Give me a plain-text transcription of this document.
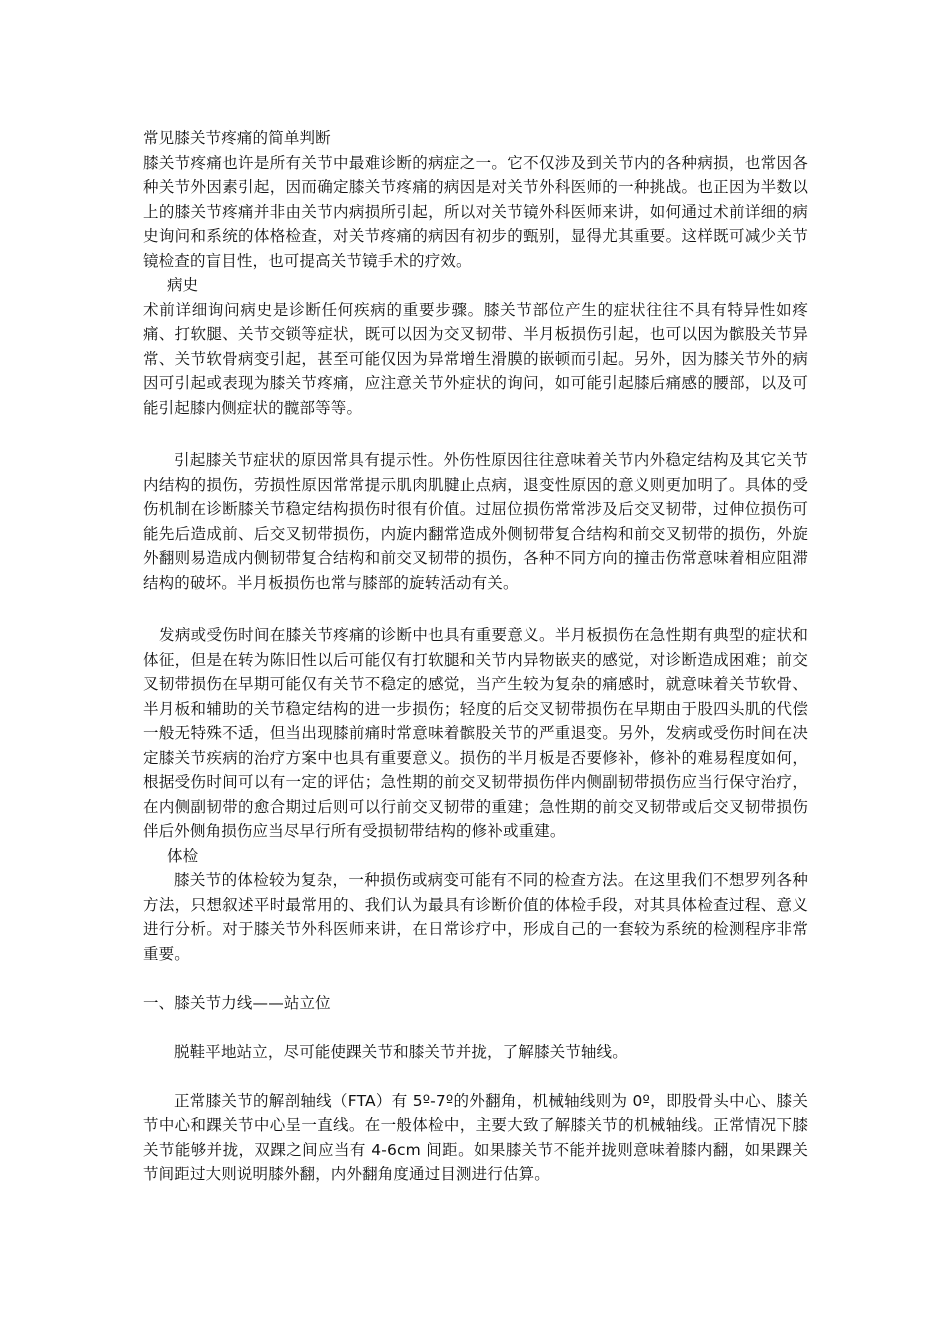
常见膝关节疼痛的简单判断

膝关节疼痛也许是所有关节中最难诊断的病症之一。它不仅涉及到关节内的各种病损，也常因各种关节外因素引起，因而确定膝关节疼痛的病因是对关节外科医师的一种挑战。也正因为半数以上的膝关节疼痛并非由关节内病损所引起，所以对关节镜外科医师来讲，如何通过术前详细的病史询问和系统的体格检查，对关节疼痛的病因有初步的甄别，显得尤其重要。这样既可减少关节镜检查的盲目性，也可提高关节镜手术的疗效。

病史

术前详细询问病史是诊断任何疾病的重要步骤。膝关节部位产生的症状往往不具有特异性如疼痛、打软腿、关节交锁等症状，既可以因为交叉韧带、半月板损伤引起，也可以因为髌股关节异常、关节软骨病变引起，甚至可能仅因为异常增生滑膜的嵌顿而引起。另外，因为膝关节外的病因可引起或表现为膝关节疼痛，应注意关节外症状的询问，如可能引起膝后痛感的腰部，以及可能引起膝内侧症状的髋部等等。

引起膝关节症状的原因常具有提示性。外伤性原因往往意味着关节内外稳定结构及其它关节内结构的损伤，劳损性原因常常提示肌肉肌腱止点病，退变性原因的意义则更加明了。具体的受伤机制在诊断膝关节稳定结构损伤时很有价值。过屈位损伤常常涉及后交叉韧带，过伸位损伤可能先后造成前、后交叉韧带损伤，内旋内翻常造成外侧韧带复合结构和前交叉韧带的损伤，外旋外翻则易造成内侧韧带复合结构和前交叉韧带的损伤，各种不同方向的撞击伤常意味着相应阻滞结构的破坏。半月板损伤也常与膝部的旋转活动有关。

发病或受伤时间在膝关节疼痛的诊断中也具有重要意义。半月板损伤在急性期有典型的症状和体征，但是在转为陈旧性以后可能仅有打软腿和关节内异物嵌夹的感觉，对诊断造成困难；前交叉韧带损伤在早期可能仅有关节不稳定的感觉，当产生较为复杂的痛感时，就意味着关节软骨、半月板和辅助的关节稳定结构的进一步损伤；轻度的后交叉韧带损伤在早期由于股四头肌的代偿一般无特殊不适，但当出现膝前痛时常意味着髌股关节的严重退变。另外，发病或受伤时间在决定膝关节疾病的治疗方案中也具有重要意义。损伤的半月板是否要修补，修补的难易程度如何，根据受伤时间可以有一定的评估；急性期的前交叉韧带损伤伴内侧副韧带损伤应当行保守治疗，在内侧副韧带的愈合期过后则可以行前交叉韧带的重建；急性期的前交叉韧带或后交叉韧带损伤伴后外侧角损伤应当尽早行所有受损韧带结构的修补或重建。

体检

膝关节的体检较为复杂，一种损伤或病变可能有不同的检查方法。在这里我们不想罗列各种方法，只想叙述平时最常用的、我们认为最具有诊断价值的体检手段，对其具体检查过程、意义进行分析。对于膝关节外科医师来讲，在日常诊疗中，形成自己的一套较为系统的检测程序非常重要。

一、膝关节力线——站立位

脱鞋平地站立，尽可能使踝关节和膝关节并拢，了解膝关节轴线。

正常膝关节的解剖轴线（FTA）有 5º-7º的外翻角，机械轴线则为 0º，即股骨头中心、膝关节中心和踝关节中心呈一直线。在一般体检中，主要大致了解膝关节的机械轴线。正常情况下膝关节能够并拢，双踝之间应当有 4-6cm 间距。如果膝关节不能并拢则意味着膝内翻，如果踝关节间距过大则说明膝外翻，内外翻角度通过目测进行估算。
